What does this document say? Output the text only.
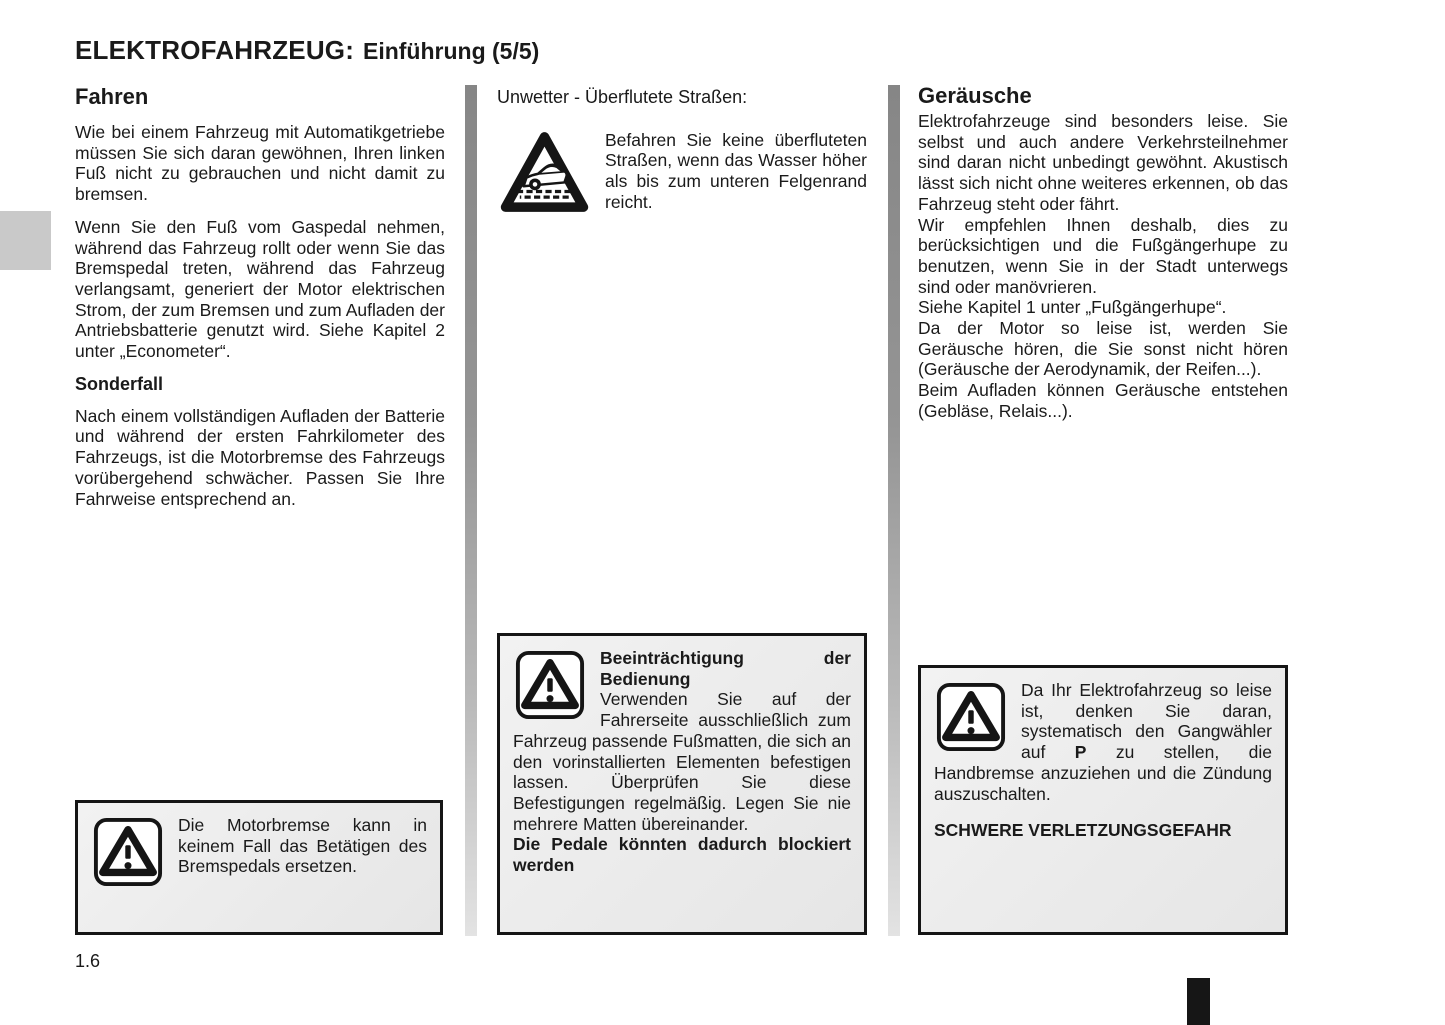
ELEKTROFAHRZEUG: Einführung (5/5)
Fahren

Wie bei einem Fahrzeug mit Automatikgetriebe müssen Sie sich daran gewöhnen, Ihren linken Fuß nicht zu gebrauchen und nicht damit zu bremsen.

Wenn Sie den Fuß vom Gaspedal nehmen, während das Fahrzeug rollt oder wenn Sie das Bremspedal treten, während das Fahrzeug verlangsamt, generiert der Motor elektrischen Strom, der zum Bremsen und zum Aufladen der Antriebsbatterie genutzt wird. Siehe Kapitel 2 unter „Econometer“.

Sonderfall

Nach einem vollständigen Aufladen der Batterie und während der ersten Fahrkilometer des Fahrzeugs, ist die Motorbremse des Fahrzeugs vorübergehend schwächer. Passen Sie Ihre Fahrweise entsprechend an.

Die Motorbremse kann in keinem Fall das Betätigen des Bremspedals ersetzen.

Unwetter - Überflutete Straßen:

Befahren Sie keine überfluteten Straßen, wenn das Wasser höher als bis zum unteren Felgenrand reicht.

Beeinträchtigung der Bedienung
Verwenden Sie auf der Fahrerseite ausschließlich zum Fahrzeug passende Fußmatten, die sich an den vorinstallierten Elementen befestigen lassen. Überprüfen Sie diese Befestigungen regelmäßig. Legen Sie nie mehrere Matten übereinander.
Die Pedale könnten dadurch blockiert werden
Geräusche

Elektrofahrzeuge sind besonders leise. Sie selbst und auch andere Verkehrsteilnehmer sind daran nicht unbedingt gewöhnt. Akustisch lässt sich nicht ohne weiteres erkennen, ob das Fahrzeug steht oder fährt.

Wir empfehlen Ihnen deshalb, dies zu berücksichtigen und die Fußgängerhupe zu benutzen, wenn Sie in der Stadt unterwegs sind oder manövrieren.

Siehe Kapitel 1 unter „Fußgängerhupe“.

Da der Motor so leise ist, werden Sie Geräusche hören, die Sie sonst nicht hören (Geräusche der Aerodynamik, der Reifen...).

Beim Aufladen können Geräusche entstehen (Gebläse, Relais...).

Da Ihr Elektrofahrzeug so leise ist, denken Sie daran, systematisch den Gangwähler auf P zu stellen, die Handbremse anzuziehen und die Zündung auszuschalten.

SCHWERE VERLETZUNGSGEFAHR

1.6
